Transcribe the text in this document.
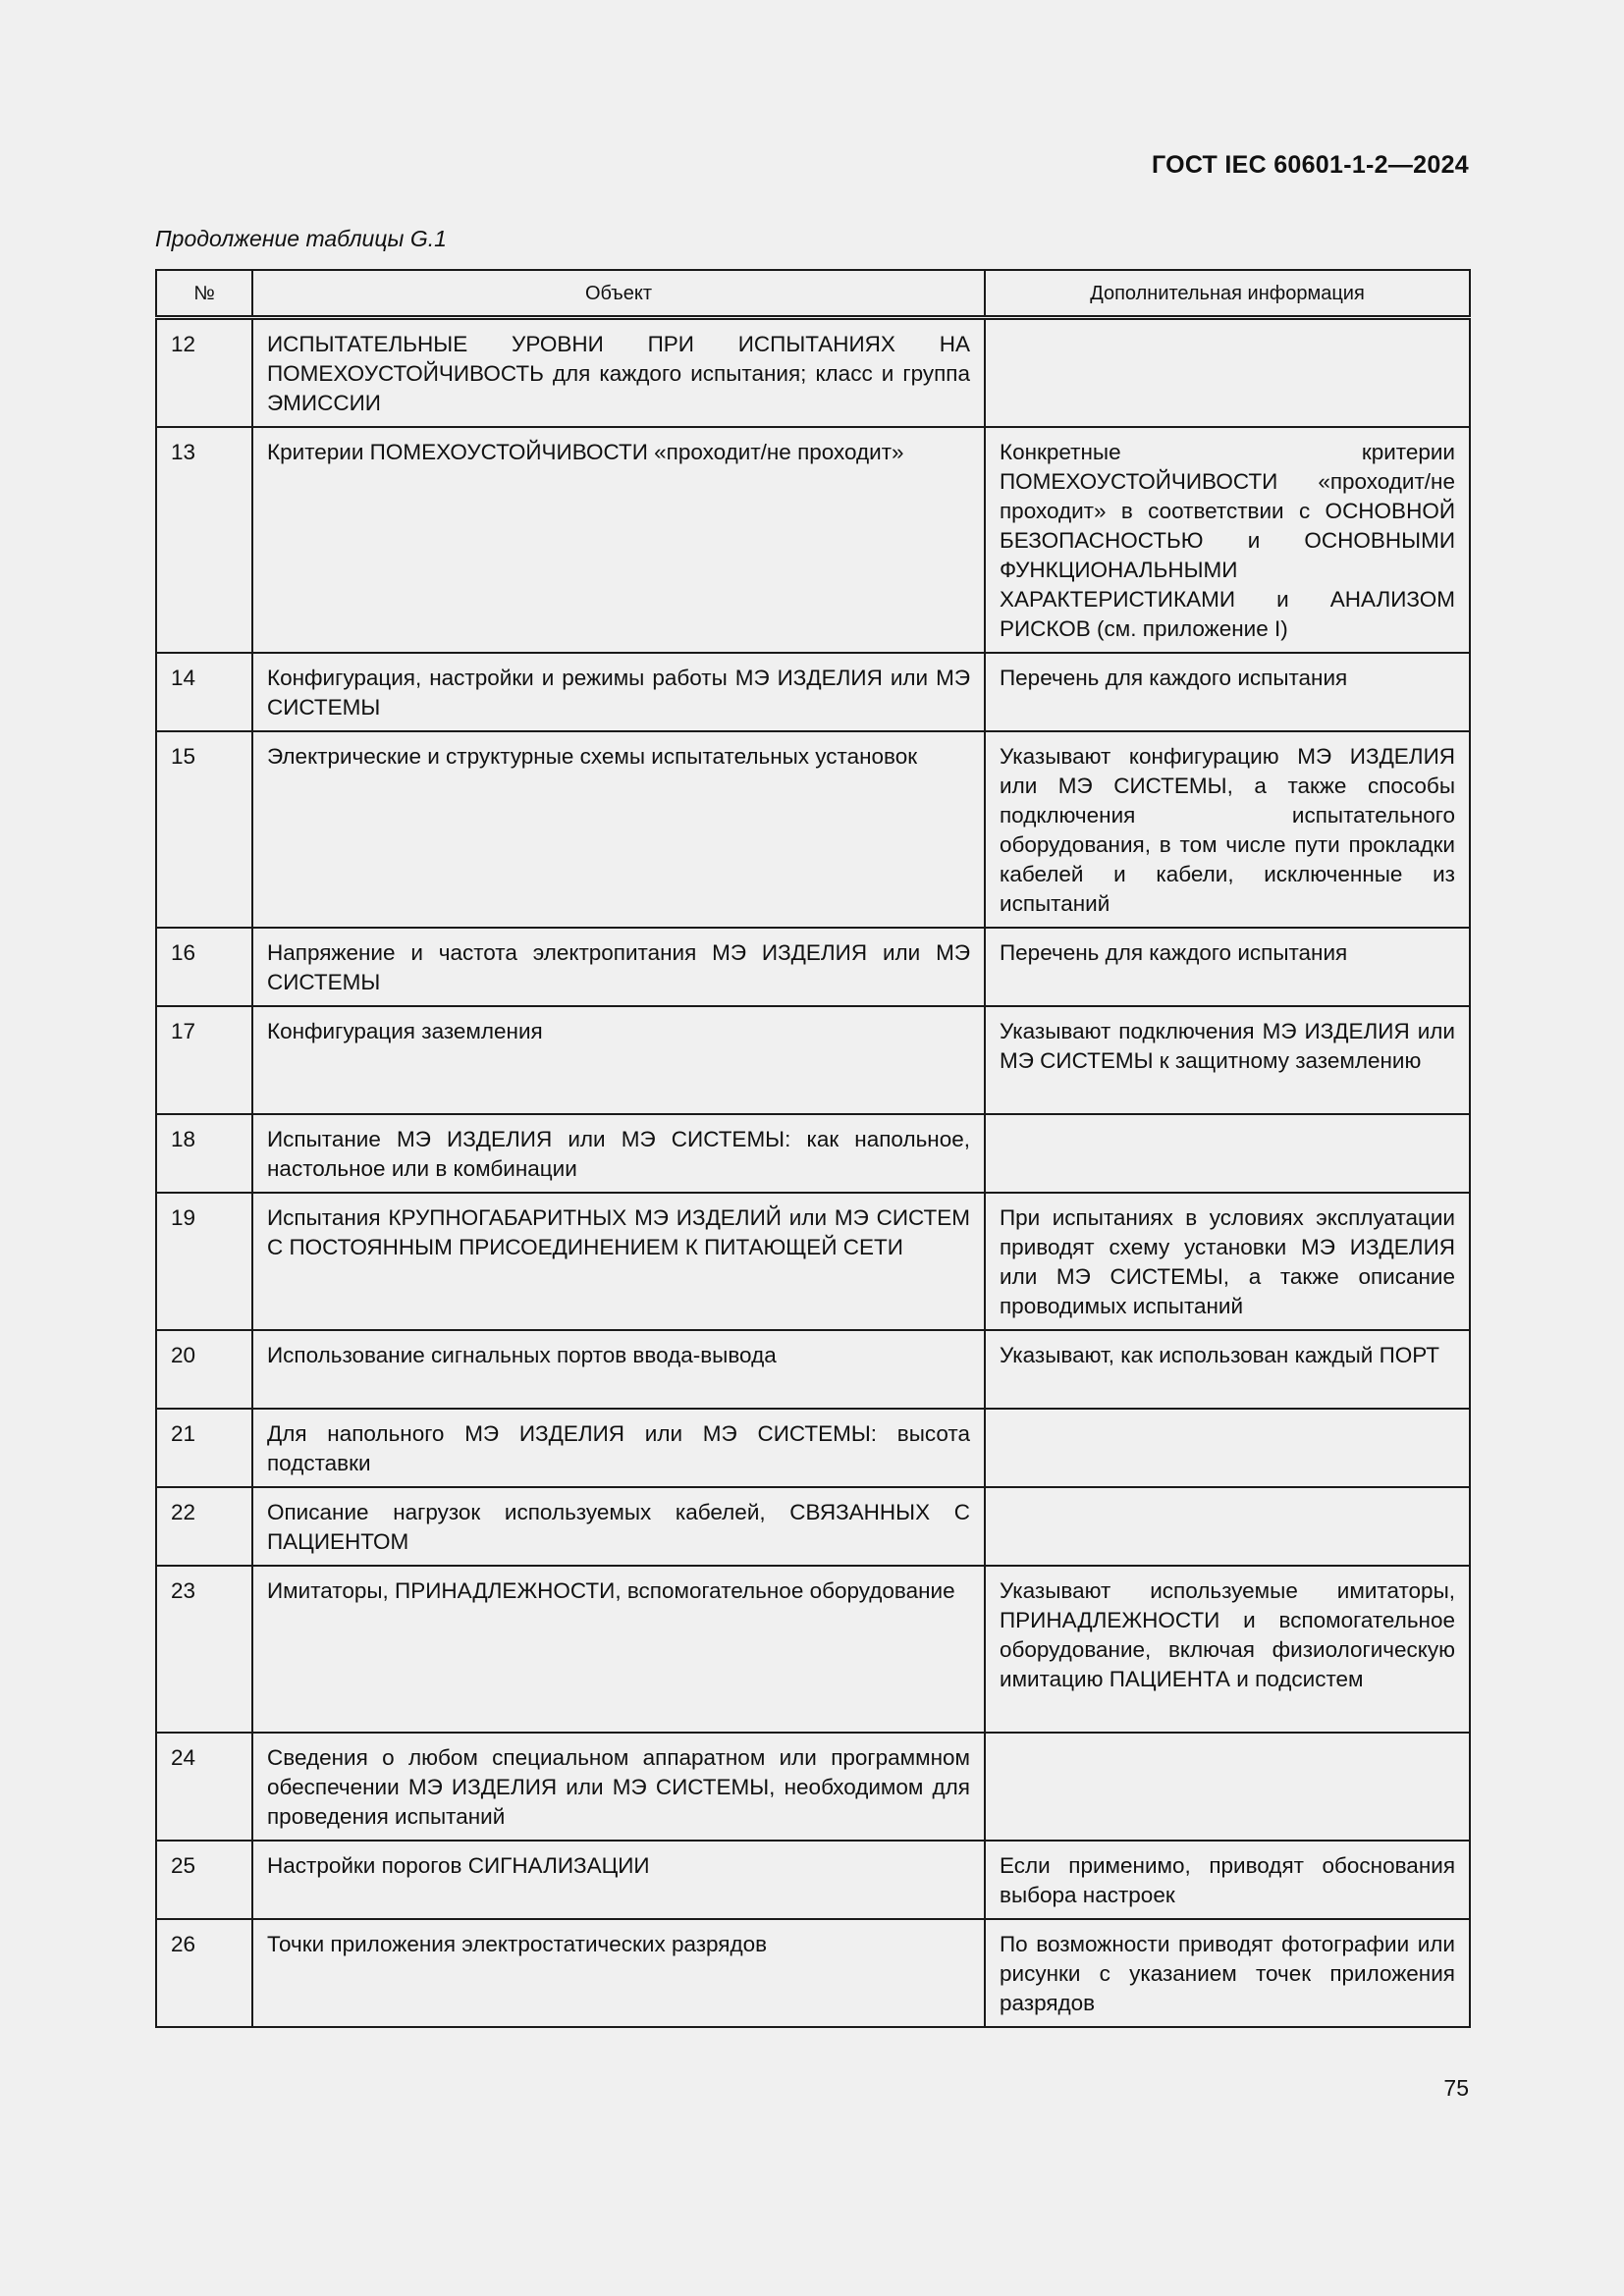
ГОСТ IEC 60601-1-2—2024
Продолжение таблицы G.1
№	Объект	Дополнительная информация
12	ИСПЫТАТЕЛЬНЫЕ УРОВНИ ПРИ ИСПЫТАНИЯХ НА ПОМЕХОУСТОЙЧИВОСТЬ для каждого испытания; класс и группа ЭМИССИИ	
13	Критерии ПОМЕХОУСТОЙЧИВОСТИ «проходит/не проходит»	Конкретные критерии ПОМЕХОУСТОЙЧИВОСТИ «проходит/не проходит» в соответствии с ОСНОВНОЙ БЕЗОПАСНОСТЬЮ и ОСНОВНЫМИ ФУНКЦИОНАЛЬНЫМИ ХАРАКТЕРИСТИКАМИ и АНАЛИЗОМ РИСКОВ (см. приложение I)
14	Конфигурация, настройки и режимы работы МЭ ИЗДЕЛИЯ или МЭ СИСТЕМЫ	Перечень для каждого испытания
15	Электрические и структурные схемы испытательных установок	Указывают конфигурацию МЭ ИЗДЕЛИЯ или МЭ СИСТЕМЫ, а также способы подключения испытательного оборудования, в том числе пути прокладки кабелей и кабели, исключенные из испытаний
16	Напряжение и частота электропитания МЭ ИЗДЕЛИЯ или МЭ СИСТЕМЫ	Перечень для каждого испытания
17	Конфигурация заземления	Указывают подключения МЭ ИЗДЕЛИЯ или МЭ СИСТЕМЫ к защитному заземлению
18	Испытание МЭ ИЗДЕЛИЯ или МЭ СИСТЕМЫ: как напольное, настольное или в комбинации	
19	Испытания КРУПНОГАБАРИТНЫХ МЭ ИЗДЕЛИЙ или МЭ СИСТЕМ С ПОСТОЯННЫМ ПРИСОЕДИНЕНИЕМ К ПИТАЮЩЕЙ СЕТИ	При испытаниях в условиях эксплуатации приводят схему установки МЭ ИЗДЕЛИЯ или МЭ СИСТЕМЫ, а также описание проводимых испытаний
20	Использование сигнальных портов ввода-вывода	Указывают, как использован каждый ПОРТ
21	Для напольного МЭ ИЗДЕЛИЯ или МЭ СИСТЕМЫ: высота подставки	
22	Описание нагрузок используемых кабелей, СВЯЗАННЫХ С ПАЦИЕНТОМ	
23	Имитаторы, ПРИНАДЛЕЖНОСТИ, вспомогательное оборудование	Указывают используемые имитаторы, ПРИНАДЛЕЖНОСТИ и вспомогательное оборудование, включая физиологическую имитацию ПАЦИЕНТА и подсистем
24	Сведения о любом специальном аппаратном или программном обеспечении МЭ ИЗДЕЛИЯ или МЭ СИСТЕМЫ, необходимом для проведения испытаний	
25	Настройки порогов СИГНАЛИЗАЦИИ	Если применимо, приводят обоснования выбора настроек
26	Точки приложения электростатических разрядов	По возможности приводят фотографии или рисунки с указанием точек приложения разрядов
75
